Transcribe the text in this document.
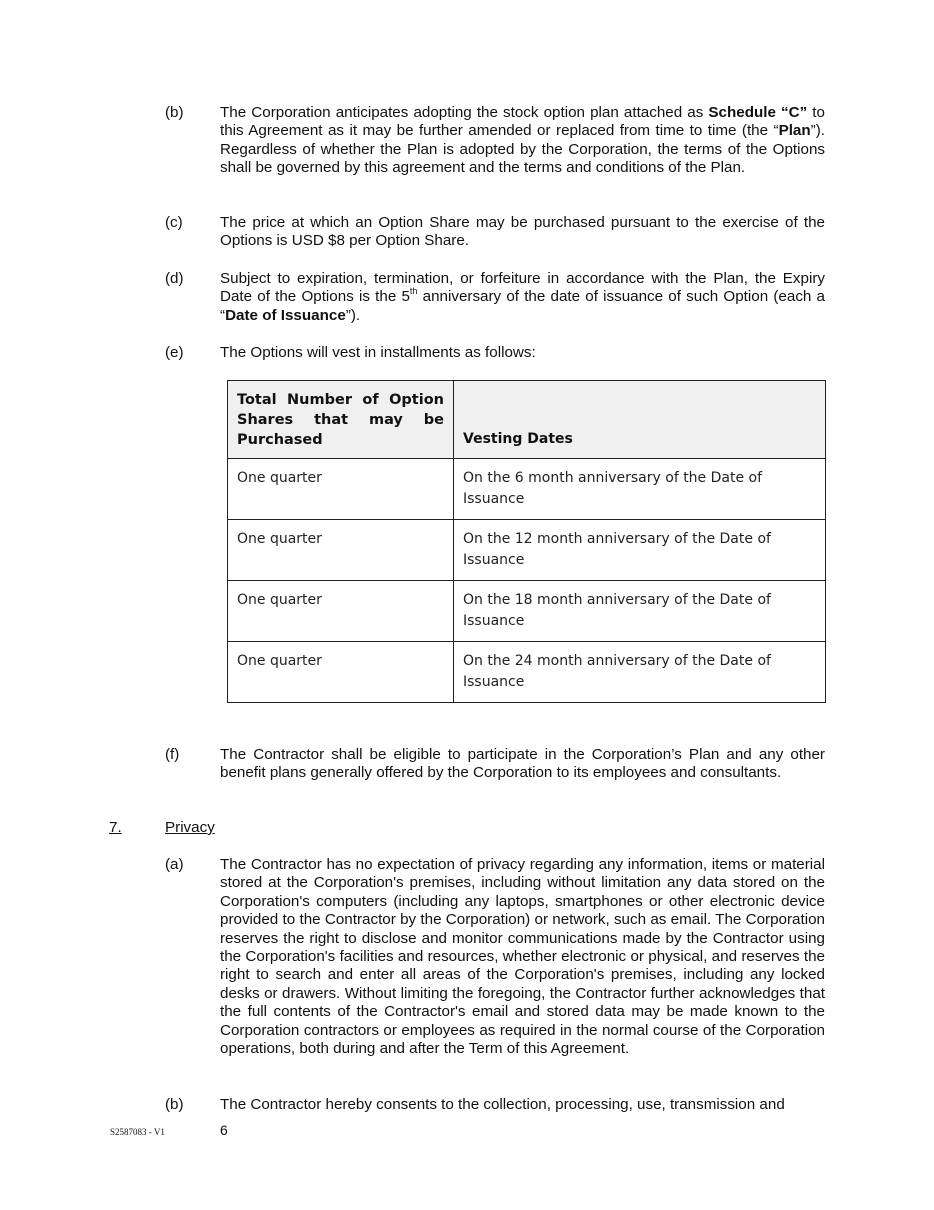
(b)	The Corporation anticipates adopting the stock option plan attached as Schedule “C” to this Agreement as it may be further amended or replaced from time to time (the “Plan”). Regardless of whether the Plan is adopted by the Corporation, the terms of the Options shall be governed by this agreement and the terms and conditions of the Plan.
(c)	The price at which an Option Share may be purchased pursuant to the exercise of the Options is USD $8 per Option Share.
(d)	Subject to expiration, termination, or forfeiture in accordance with the Plan, the Expiry Date of the Options is the 5th anniversary of the date of issuance of such Option (each a “Date of Issuance”).
(e)	The Options will vest in installments as follows:
Total Number of Option Shares that may be
Purchased	Vesting Dates
One quarter	On the 6 month anniversary of the Date of Issuance
One quarter	On the 12 month anniversary of the Date of Issuance
One quarter	On the 18 month anniversary of the Date of Issuance
One quarter	On the 24 month anniversary of the Date of Issuance
(f)	The Contractor shall be eligible to participate in the Corporation’s Plan and any other benefit plans generally offered by the Corporation to its employees and consultants.
7.	Privacy
(a)	The Contractor has no expectation of privacy regarding any information, items or material stored at the Corporation's premises, including without limitation any data stored on the Corporation's computers (including any laptops, smartphones or other electronic device provided to the Contractor by the Corporation) or network, such as email. The Corporation reserves the right to disclose and monitor communications made by the Contractor using the Corporation's facilities and resources, whether electronic or physical, and reserves the right to search and enter all areas of the Corporation's premises, including any locked desks or drawers. Without limiting the foregoing, the Contractor further acknowledges that the full contents of the Contractor's email and stored data may be made known to the Corporation contractors or employees as required in the normal course of the Corporation operations, both during and after the Term of this Agreement.
(b)	The Contractor hereby consents to the collection, processing, use, transmission and
S2587083 - V1	6
